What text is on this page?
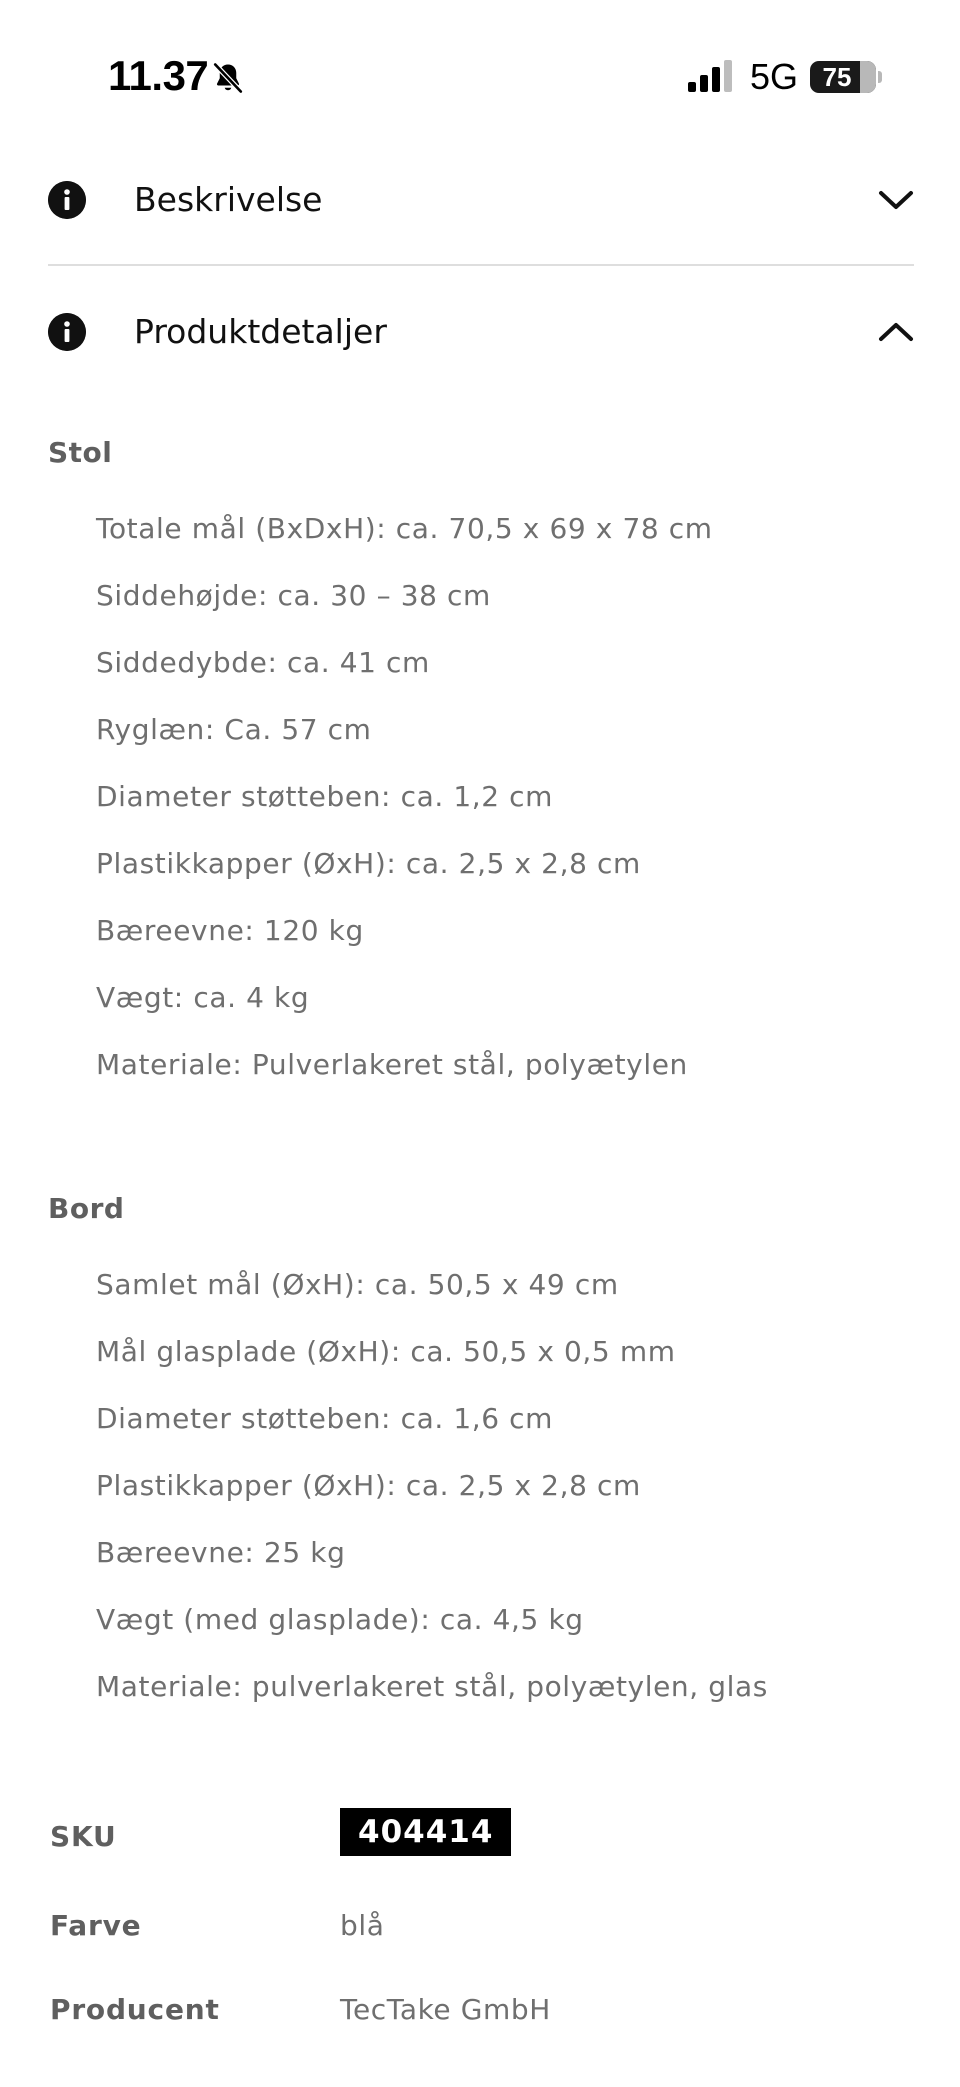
11.37	5G 75
Beskrivelse
Produktdetaljer
Stol
Totale mål (BxDxH): ca. 70,5 x 69 x 78 cm
Siddehøjde: ca. 30 – 38 cm
Siddedybde: ca. 41 cm
Ryglæn: Ca. 57 cm
Diameter støtteben: ca. 1,2 cm
Plastikkapper (ØxH): ca. 2,5 x 2,8 cm
Bæreevne: 120 kg
Vægt: ca. 4 kg
Materiale: Pulverlakeret stål, polyætylen
Bord
Samlet mål (ØxH): ca. 50,5 x 49 cm
Mål glasplade (ØxH): ca. 50,5 x 0,5 mm
Diameter støtteben: ca. 1,6 cm
Plastikkapper (ØxH): ca. 2,5 x 2,8 cm
Bæreevne: 25 kg
Vægt (med glasplade): ca. 4,5 kg
Materiale: pulverlakeret stål, polyætylen, glas
SKU	404414
Farve	blå
Producent	TecTake GmbH
